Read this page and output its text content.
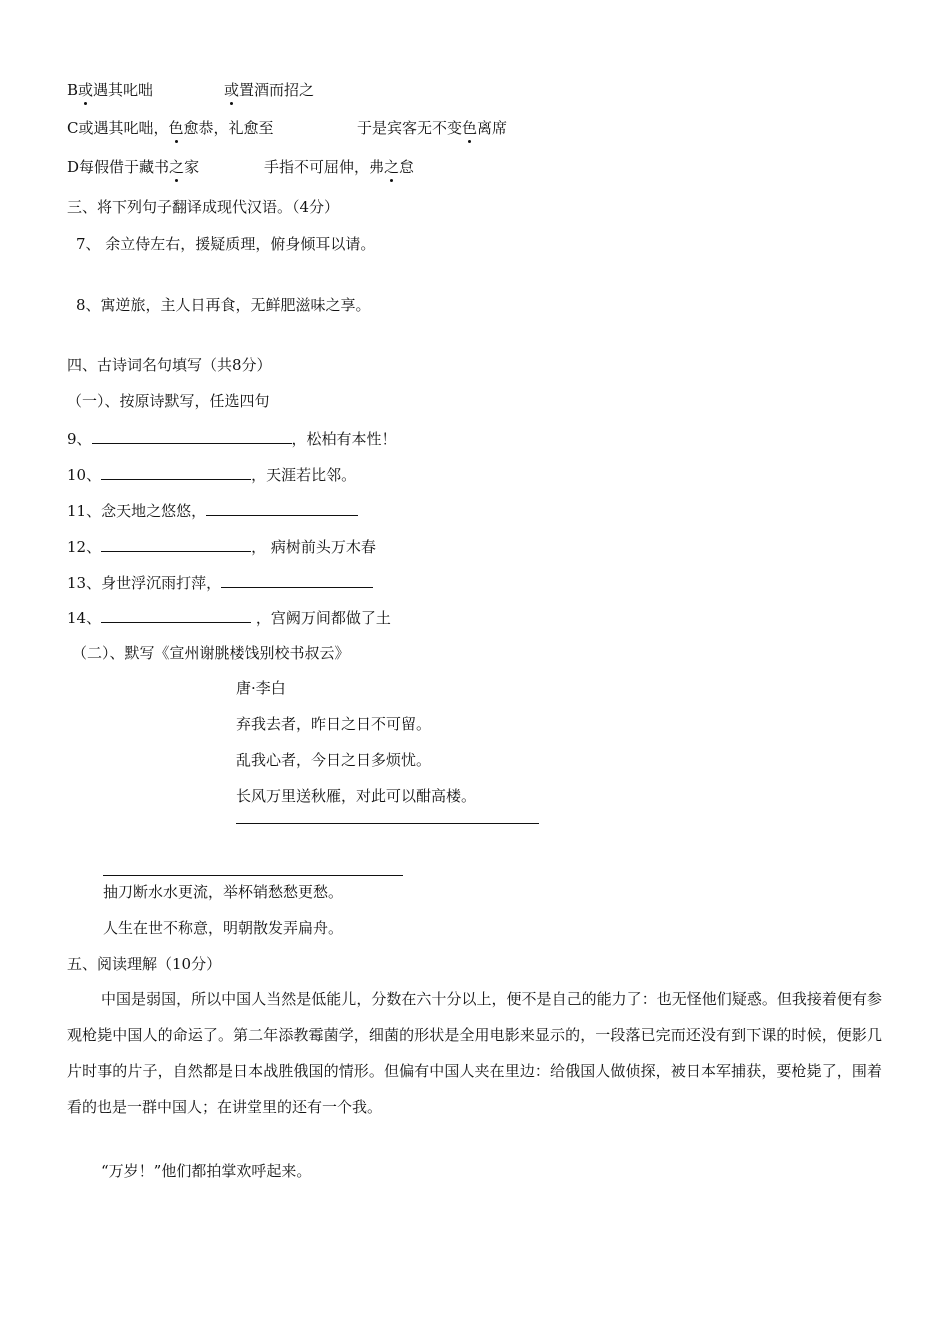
B或遇其叱咄	或置酒而招之
C或遇其叱咄，色愈恭，礼愈至	于是宾客无不变色离席
D每假借于藏书之家	手指不可屈伸，弗之怠
三、将下列句子翻译成现代汉语。（4分）
7、 余立侍左右，援疑质理，俯身倾耳以请。
8、寓逆旅，主人日再食，无鲜肥滋味之享。
四、古诗词名句填写（共8分）
（一）、按原诗默写，任选四句
9、	，松柏有本性！
10、	，天涯若比邻。
11、念天地之悠悠，
12、	， 病树前头万木春
13、身世浮沉雨打萍，
14、	，宫阙万间都做了土
（二）、默写《宣州谢朓楼饯别校书叔云》
唐·李白
弃我去者，昨日之日不可留。
乱我心者，今日之日多烦忧。
长风万里送秋雁，对此可以酣高楼。
抽刀断水水更流，举杯销愁愁更愁。
人生在世不称意，明朝散发弄扁舟。
五、阅读理解（10分）
中国是弱国，所以中国人当然是低能儿，分数在六十分以上，便不是自己的能力了：也无怪他们疑惑。但我接着便有参观枪毙中国人的命运了。第二年添教霉菌学，细菌的形状是全用电影来显示的，一段落已完而还没有到下课的时候，便影几片时事的片子，自然都是日本战胜俄国的情形。但偏有中国人夹在里边：给俄国人做侦探，被日本军捕获，要枪毙了，围着看的也是一群中国人；在讲堂里的还有一个我。
“万岁！”他们都拍掌欢呼起来。
